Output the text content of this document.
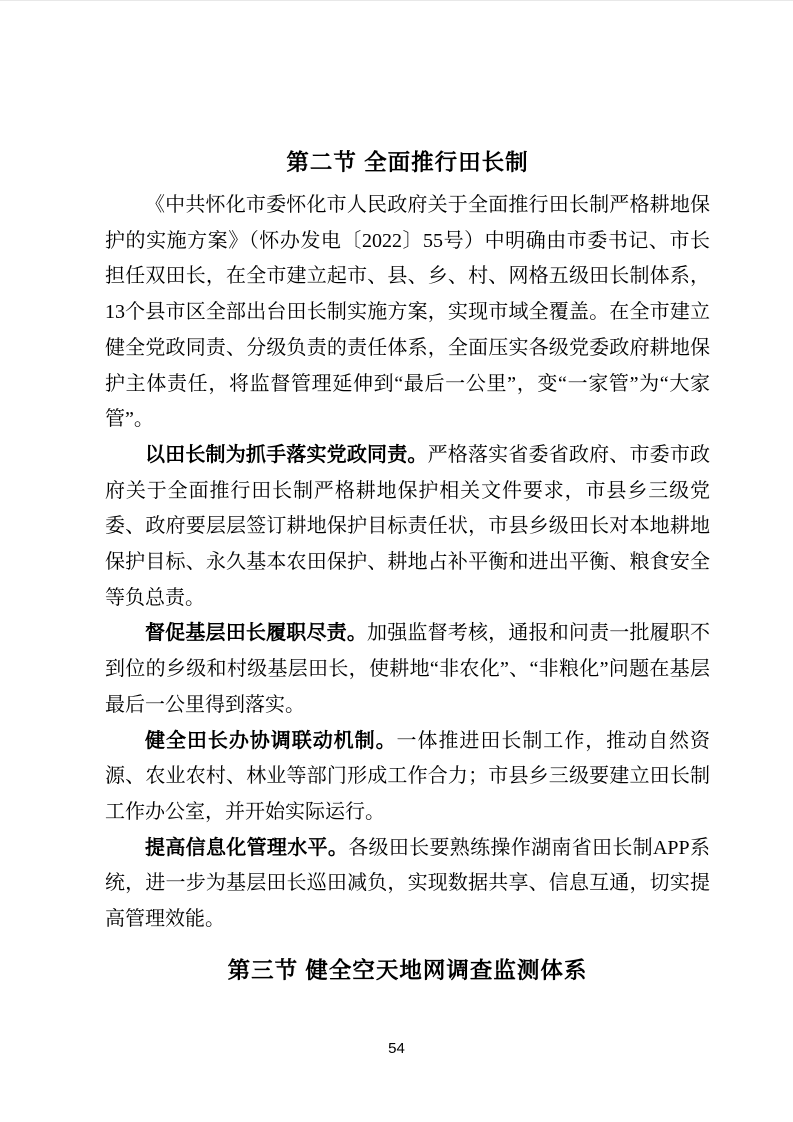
第二节 全面推行田长制

《中共怀化市委怀化市人民政府关于全面推行田长制严格耕地保护的实施方案》（怀办发电〔2022〕55号）中明确由市委书记、市长担任双田长，在全市建立起市、县、乡、村、网格五级田长制体系，13个县市区全部出台田长制实施方案，实现市域全覆盖。在全市建立健全党政同责、分级负责的责任体系，全面压实各级党委政府耕地保护主体责任，将监督管理延伸到“最后一公里”，变“一家管”为“大家管”。

以田长制为抓手落实党政同责。严格落实省委省政府、市委市政府关于全面推行田长制严格耕地保护相关文件要求，市县乡三级党委、政府要层层签订耕地保护目标责任状，市县乡级田长对本地耕地保护目标、永久基本农田保护、耕地占补平衡和进出平衡、粮食安全等负总责。

督促基层田长履职尽责。加强监督考核，通报和问责一批履职不到位的乡级和村级基层田长，使耕地“非农化”、“非粮化”问题在基层最后一公里得到落实。

健全田长办协调联动机制。一体推进田长制工作，推动自然资源、农业农村、林业等部门形成工作合力；市县乡三级要建立田长制工作办公室，并开始实际运行。

提高信息化管理水平。各级田长要熟练操作湖南省田长制APP系统，进一步为基层田长巡田减负，实现数据共享、信息互通，切实提高管理效能。

第三节 健全空天地网调查监测体系
54
